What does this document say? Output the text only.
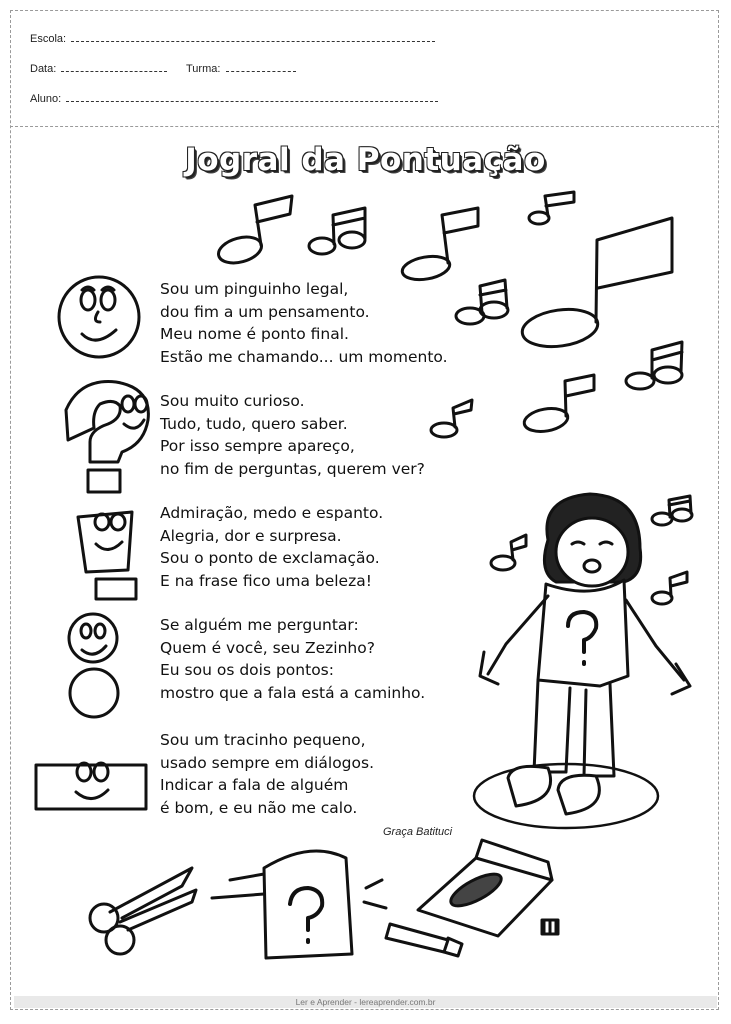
Escola:
Data:	Turma:
Aluno:
Jogral da Pontuação
Sou um pinguinho legal,
dou fim a um pensamento.
Meu nome é ponto final.
Estão me chamando... um momento.
Sou muito curioso.
Tudo, tudo, quero saber.
Por isso sempre apareço,
no fim de perguntas, querem ver?
Admiração, medo e espanto.
Alegria, dor e surpresa.
Sou o ponto de exclamação.
E na frase fico uma beleza!
Se alguém me perguntar:
Quem é você, seu Zezinho?
Eu sou os dois pontos:
mostro que a fala está a caminho.
Sou um tracinho pequeno,
usado sempre em diálogos.
Indicar a fala de alguém
é bom, e eu não me calo.
Graça Batituci
Ler e Aprender - lereaprender.com.br
